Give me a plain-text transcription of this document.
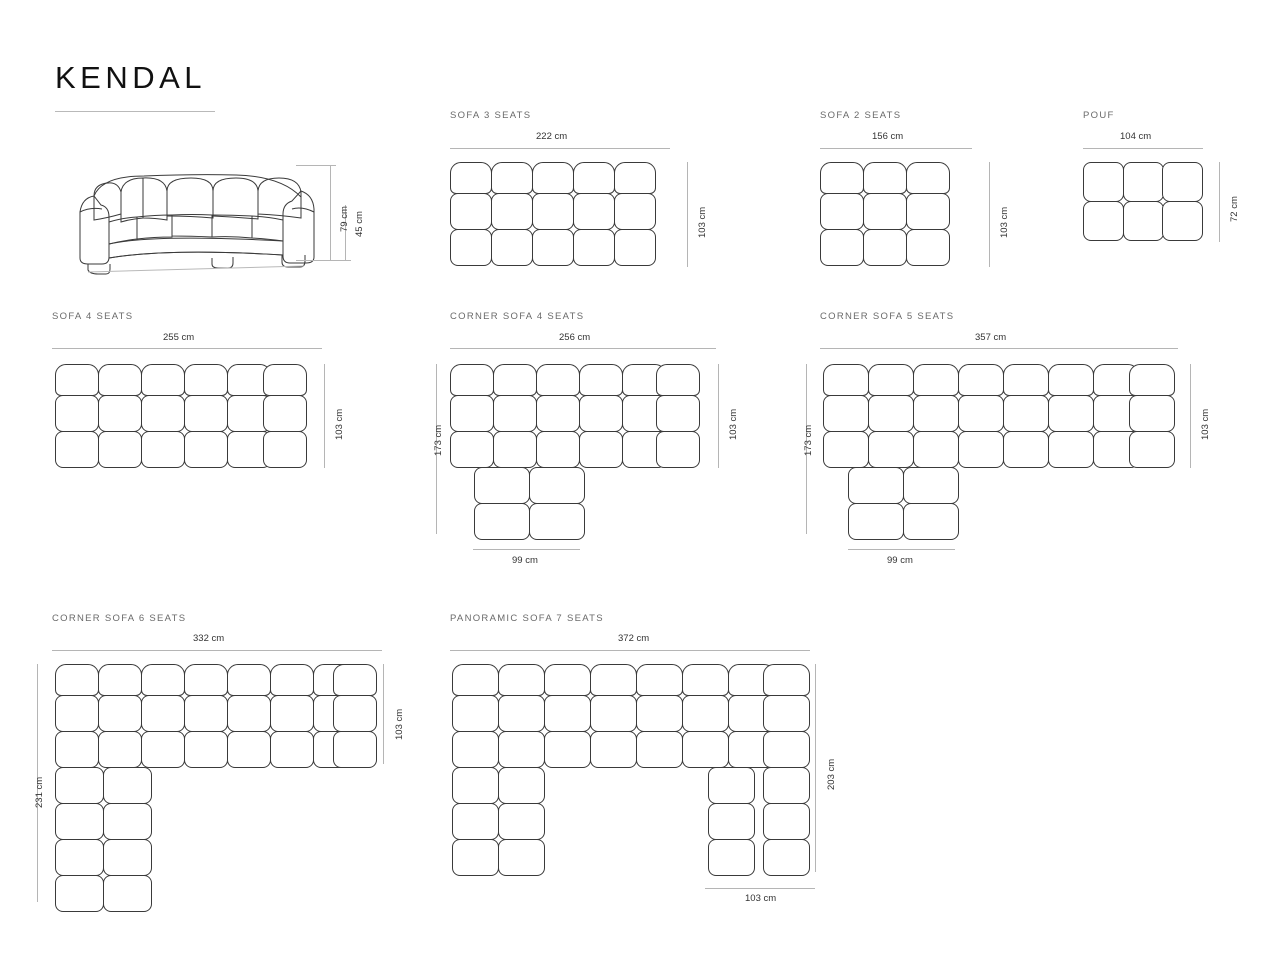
KENDAL
79 cm 45 cm
SOFA 3 SEATS
222 cm
103 cm
SOFA 2 SEATS
156 cm
103 cm
POUF
104 cm
72 cm
SOFA 4 SEATS
255 cm
103 cm
CORNER SOFA 4 SEATS
256 cm
103 cm
173 cm
99 cm
CORNER SOFA 5 SEATS
357 cm
103 cm
173 cm
99 cm
CORNER SOFA 6 SEATS
332 cm
103 cm
231 cm
PANORAMIC SOFA 7 SEATS
372 cm
203 cm
103 cm
